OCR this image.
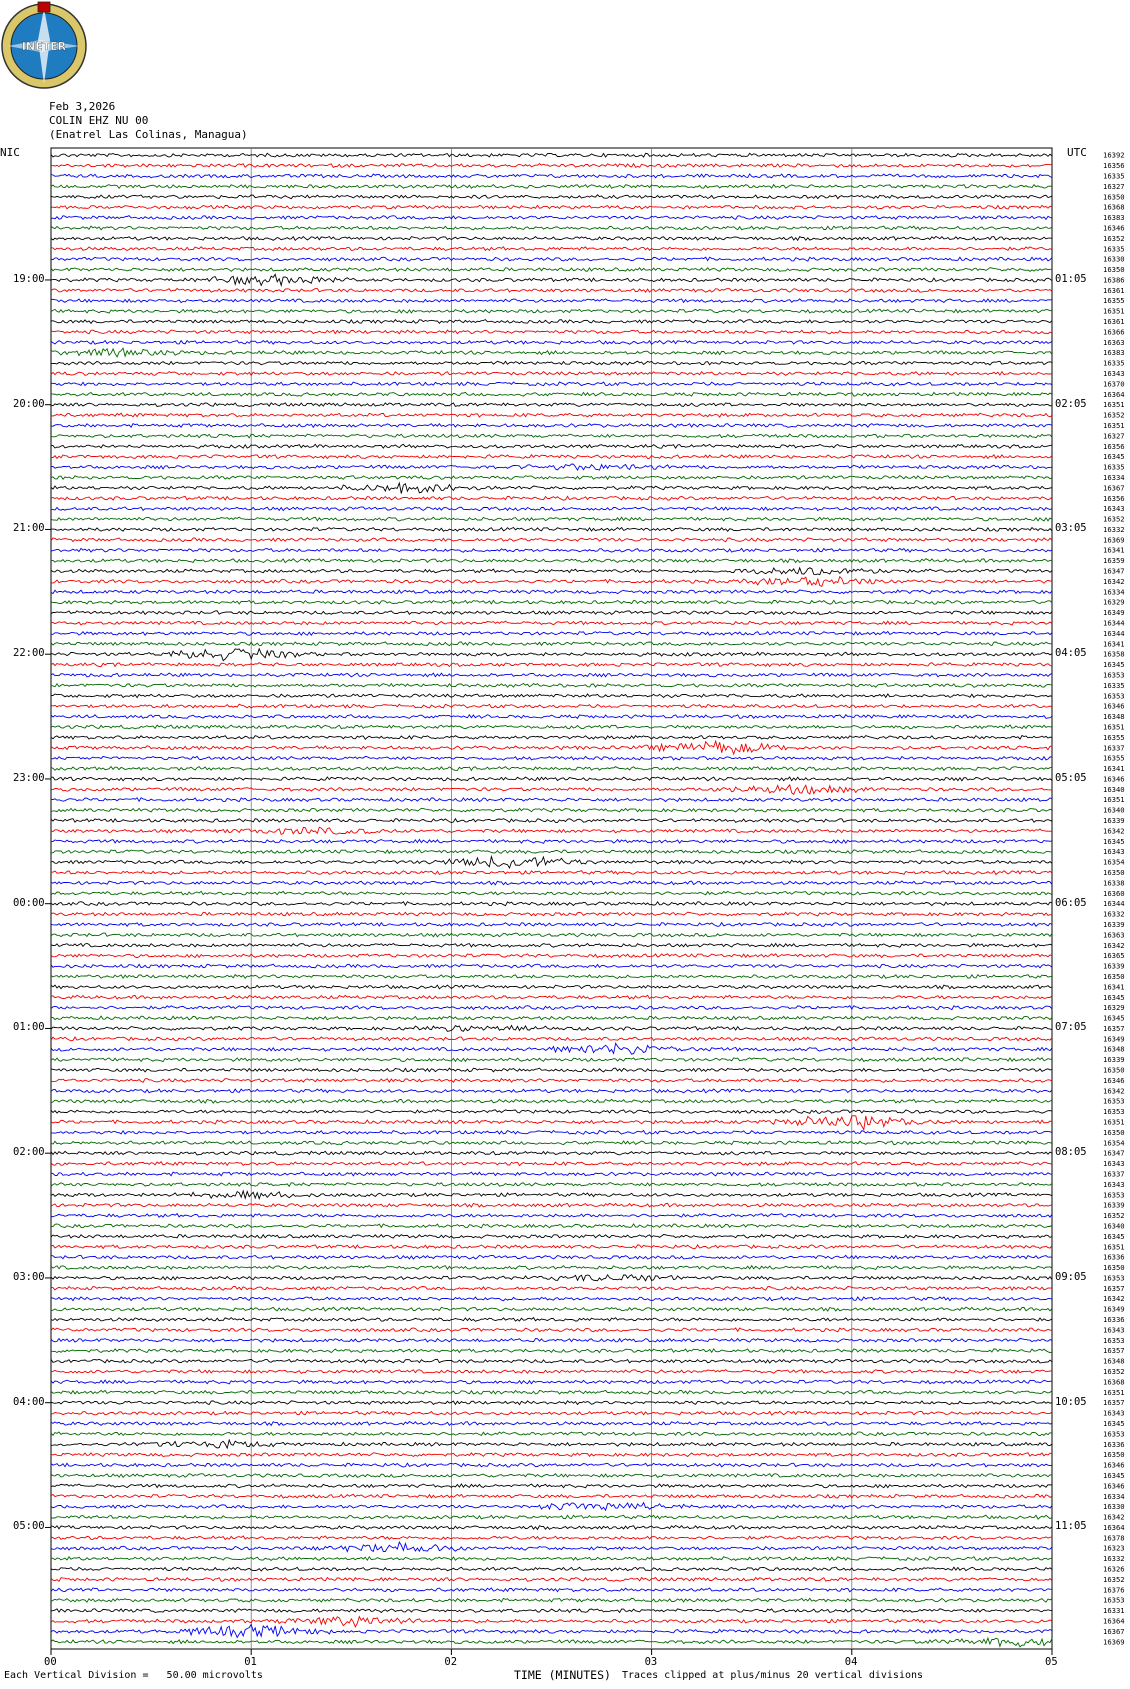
INETER
Feb 3,2026
COLIN EHZ NU 00
(Enatrel Las Colinas, Managua)
NIC	UTC 16392
16356
16335
16327
16350
16368
16383
16346
16352
16335
16330
16350
16386
16361
16355
16351
16361
16366
16363
16383
16335
16343
16370
16364
16351
16352
16351
16327
16356
16345
16335
16334
16367
16356
16343
16352
16332
16369
16341
16359
16347
16342
16334
16329
16349
16344
16344
16341
16358
16345
16353
16335
16353
16346
16348
16351
16355
16337
16355
16341
16346
16340
16351
16340
16339
16342
16345
16343
16354
16350
16338
16360
16344
16332
16339
16363
16342
16365
16339
16350
16341
16345
16329
16345
16357
16349
16348
16339
16350
16346
16342
16353
16353
16351
16350
16354
16347
16343
16337
16343
16353
16339
16352
16340
16345
16351
16336
16350
16353
16357
16342
16349
16336
16343
16353
16357
16348
16352
16368
16351
16357
16343
16345
16353
16336
16350
16346
16345
16346
16334
16330
16342
16364
16378
16323
16332
16326
16352
16376
16353
16331
16364
16367
16369
19:00
20:00
21:00
22:00
23:00
00:00
01:00
02:00
03:00
04:00
05:00
01:05
02:05
03:05
04:05
05:05
06:05
07:05
08:05
09:05
10:05
11:05
00	01	02	03	04	05
TIME (MINUTES)
Each Vertical Division =   50.00 microvolts	Traces clipped at plus/minus 20 vertical divisions
